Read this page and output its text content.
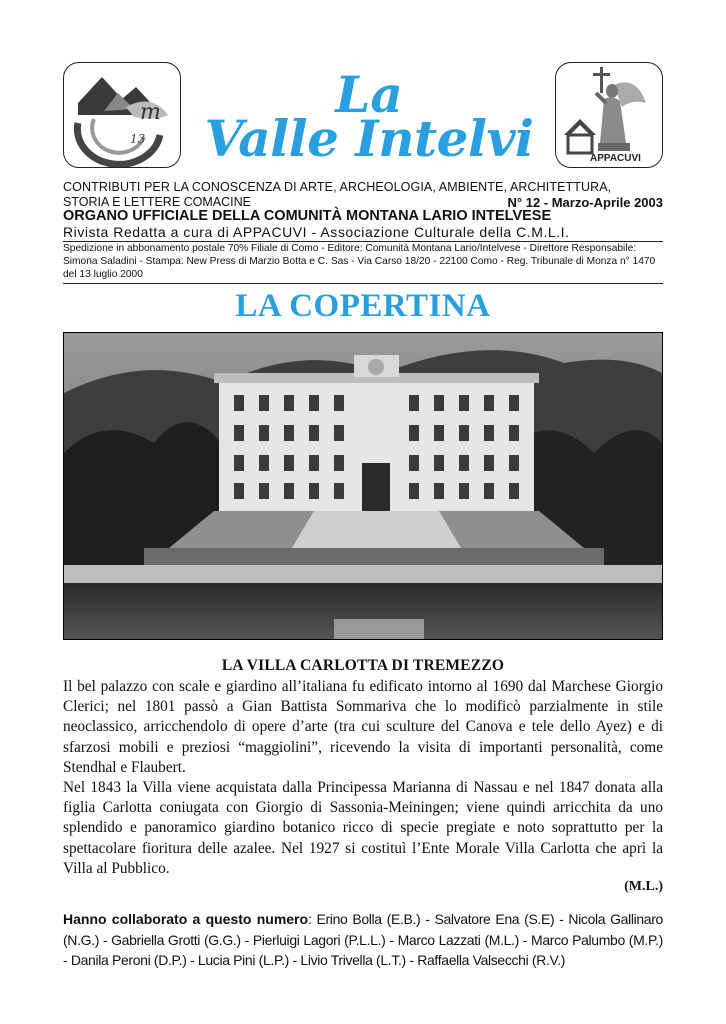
m
13
La
Valle Intelvi	APPACUVI
CONTRIBUTI PER LA CONOSCENZA DI ARTE, ARCHEOLOGIA, AMBIENTE, ARCHITETTURA,
STORIA E LETTERE COMACINE	N° 12 - Marzo-Aprile 2003
ORGANO UFFICIALE DELLA COMUNITÀ MONTANA LARIO INTELVESE
Rivista Redatta a cura di APPACUVI - Associazione Culturale della C.M.L.I.
Spedizione in abbonamento postale 70% Filiale di Como - Editore: Comunità Montana Lario/Intelvese - Direttore Responsabile: Simona Saladini - Stampa: New Press di Marzio Botta e C. Sas - Via Carso 18/20 - 22100 Como - Reg. Tribunale di Monza n° 1470 del 13 luglio 2000
LA COPERTINA
LA VILLA CARLOTTA DI TREMEZZO
Il bel palazzo con scale e giardino all’italiana fu edificato intorno al 1690 dal Marchese Giorgio Clerici; nel 1801 passò a Gian Battista Sommariva che lo modificò parzialmente in stile neoclassico, arricchendolo di opere d’arte (tra cui sculture del Canova e tele dello Ayez) e di sfarzosi mobili e preziosi “maggiolini”, ricevendo la visita di importanti personalità, come Stendhal e Flaubert.
Nel 1843 la Villa viene acquistata dalla Principessa Marianna di Nassau e nel 1847 donata alla figlia Carlotta coniugata con Giorgio di Sassonia-Meiningen; viene quindi arricchita da uno splendido e panoramico giardino botanico ricco di specie pregiate e noto soprattutto per la spettacolare fioritura delle azalee. Nel 1927 si costituì l’Ente Morale Villa Carlotta che aprì la Villa al Pubblico.
(M.L.)
Hanno collaborato a questo numero: Erino Bolla (E.B.) - Salvatore Ena (S.E) - Nicola Gallinaro (N.G.) - Gabriella Grotti (G.G.) - Pierluigi Lagori (P.L.L.) - Marco Lazzati (M.L.) - Marco Palumbo (M.P.) - Danila Peroni (D.P.) - Lucia Pini (L.P.) - Livio Trivella (L.T.) - Raffaella Valsecchi (R.V.)
